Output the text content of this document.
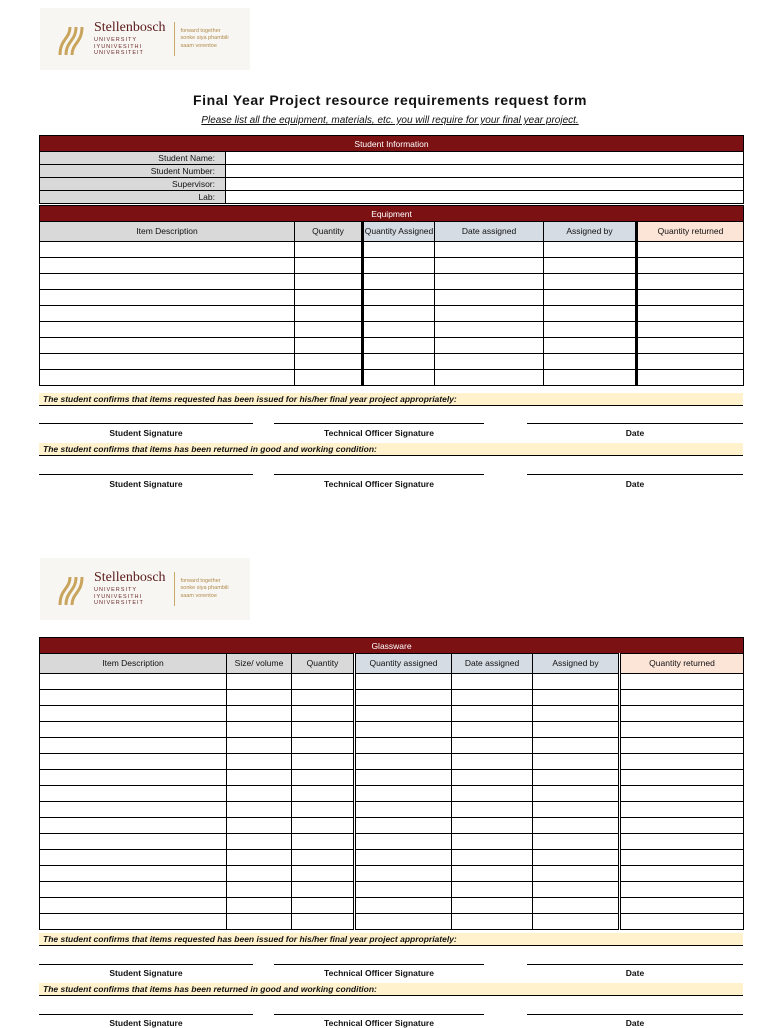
Stellenbosch
UNIVERSITY
IYUNIVESITHI
UNIVERSITEIT
forward together
sonke siya phambili
saam vorentoe
Final Year Project resource requirements request form
Please list all the equipment, materials, etc. you will require for your final year project.
Student Information	
Student Name:	
Student Number:	
Supervisor:	
Lab:	
Equipment					
Item Description	Quantity	Quantity Assigned	Date assigned	Assigned by	Quantity returned

The student confirms that items requested has been issued for his/her final year project appropriately:
Student Signature	Technical Officer Signature	Date
The student confirms that items has been returned in good and working condition:
Student Signature	Technical Officer Signature	Date
Stellenbosch
UNIVERSITY
IYUNIVESITHI
UNIVERSITEIT
forward together
sonke siya phambili
saam vorentoe
Glassware						
Item Description	Size/ volume	Quantity	Quantity assigned	Date assigned	Assigned by	Quantity returned

The student confirms that items requested has been issued for his/her final year project appropriately:
Student Signature	Technical Officer Signature	Date
The student confirms that items has been returned in good and working condition:
Student Signature	Technical Officer Signature	Date
